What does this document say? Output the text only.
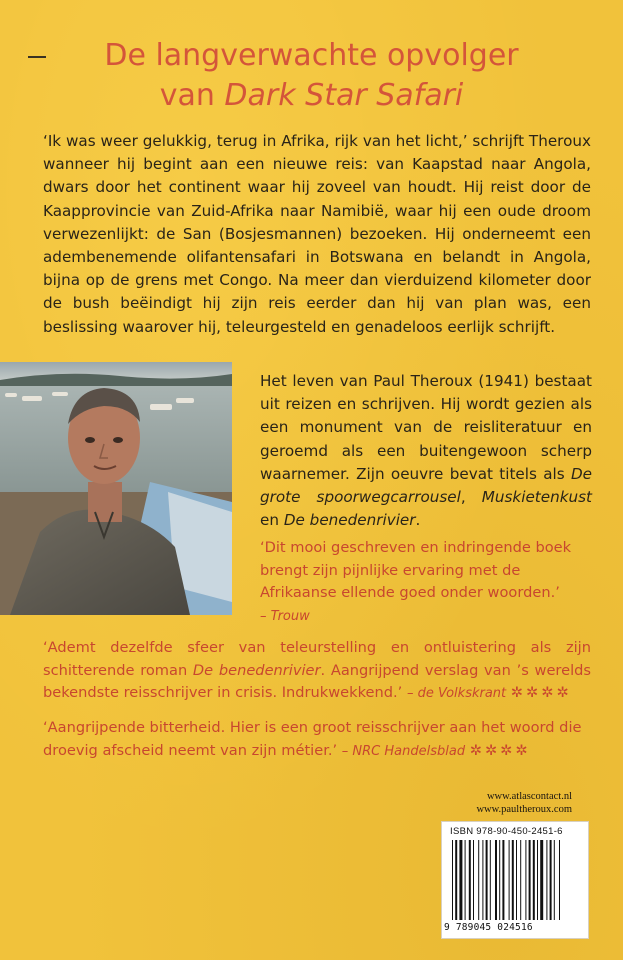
De langverwachte opvolger
van Dark Star Safari

‘Ik was weer gelukkig, terug in Afrika, rijk van het licht,’ schrijft Theroux wanneer hij begint aan een nieuwe reis: van Kaapstad naar Angola, dwars door het continent waar hij zoveel van houdt. Hij reist door de Kaapprovincie van Zuid-Afrika naar Namibië, waar hij een oude droom verwezenlijkt: de San (Bosjesmannen) bezoeken. Hij onderneemt een adembenemende olifantensafari in Botswana en belandt in Angola, bijna op de grens met Congo. Na meer dan vierduizend kilometer door de bush beëindigt hij zijn reis eerder dan hij van plan was, een beslissing waarover hij, teleurgesteld en genadeloos eerlijk schrijft.

Het leven van Paul Theroux (1941) bestaat uit reizen en schrijven. Hij wordt gezien als een monument van de reisliteratuur en geroemd als een buitengewoon scherp waarnemer. Zijn oeuvre bevat titels als De grote spoorwegcarrousel, Muskietenkust en De benedenrivier.

‘Dit mooi geschreven en indringende boek brengt zijn pijnlijke ervaring met de Afrikaanse ellende goed onder woorden.’
– Trouw

‘Ademt dezelfde sfeer van teleurstelling en ontluistering als zijn schitterende roman De benedenrivier. Aangrijpend verslag van ’s werelds bekendste reisschrijver in crisis. Indrukwekkend.’ – de Volkskrant ✲✲✲✲

‘Aangrijpende bitterheid. Hier is een groot reisschrijver aan het woord die droevig afscheid neemt van zijn métier.’ – NRC Handelsblad ✲✲✲✲

www.atlascontact.nl
www.paultheroux.com
ISBN 978-90-450-2451-6
9 789045 024516
